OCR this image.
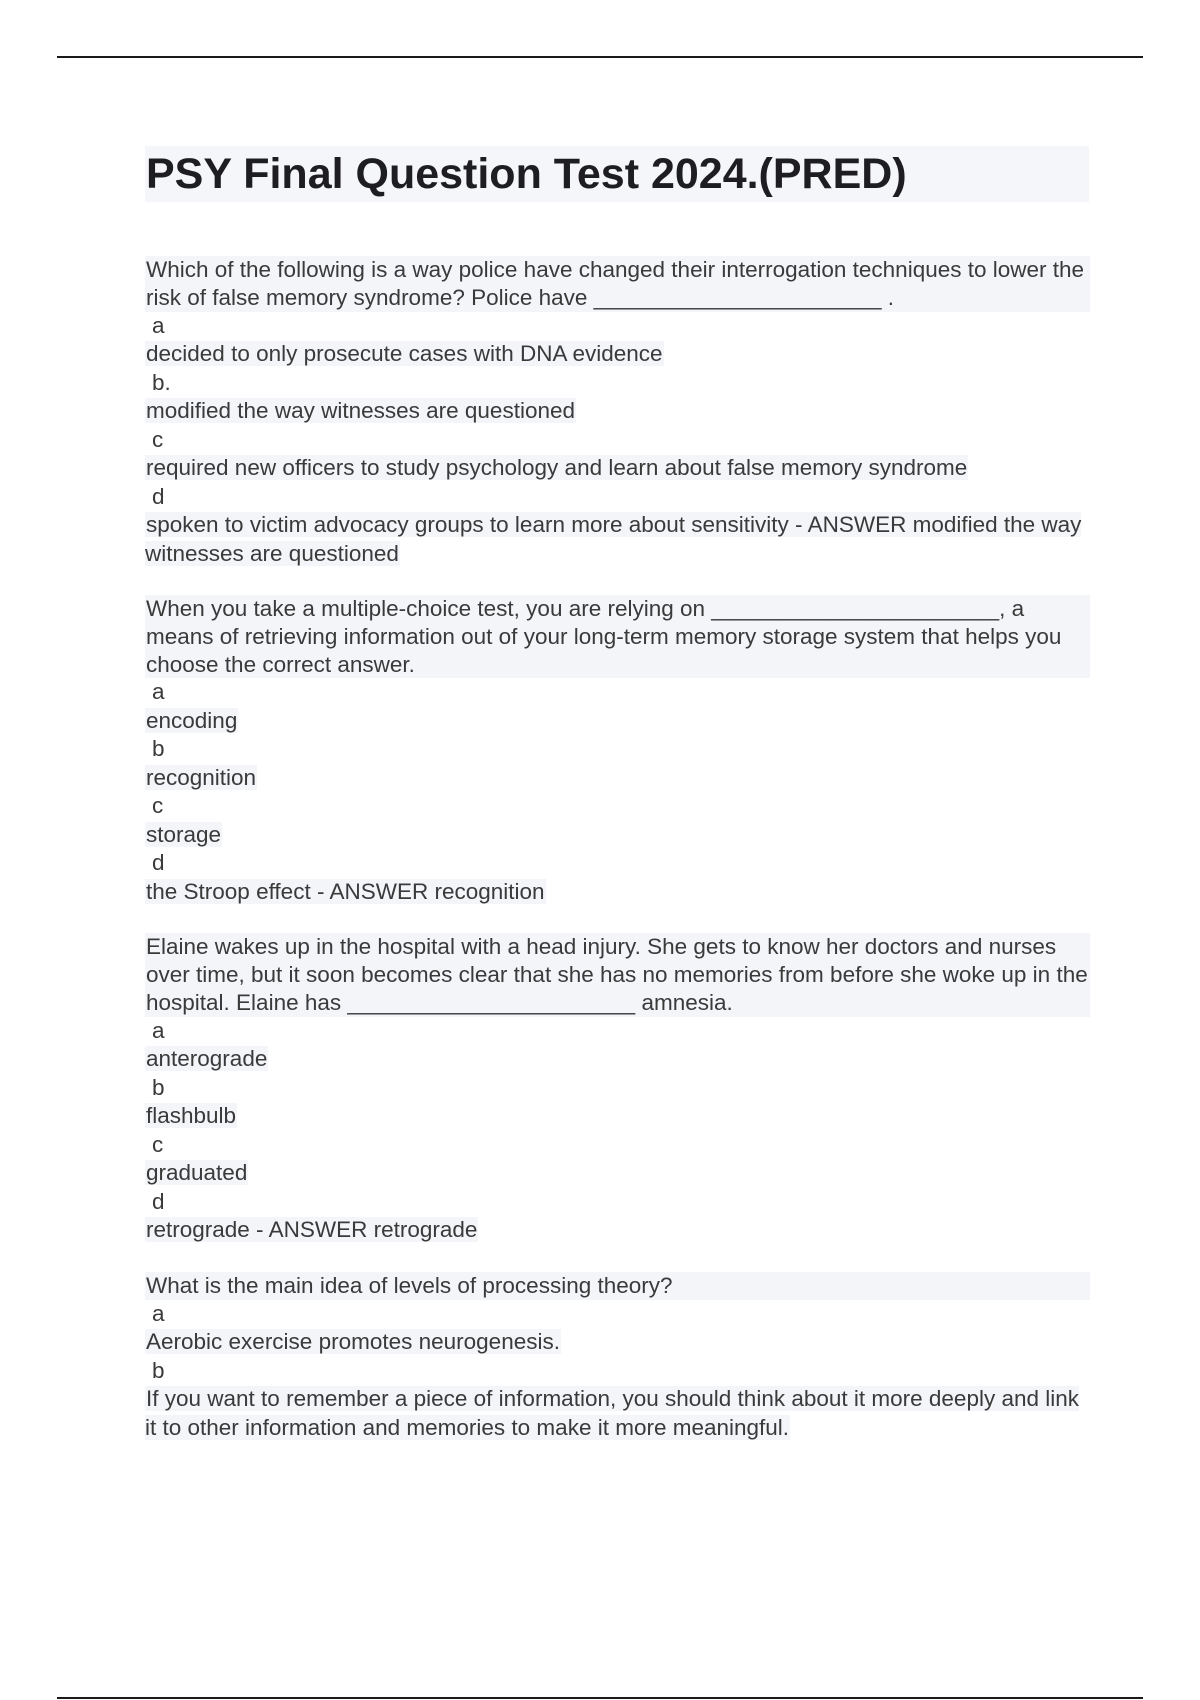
PSY Final Question Test 2024.(PRED)
Which of the following is a way police have changed their interrogation techniques to lower the risk of false memory syndrome? Police have _______________________ .
a
decided to only prosecute cases with DNA evidence
b.
modified the way witnesses are questioned
c
required new officers to study psychology and learn about false memory syndrome
d
spoken to victim advocacy groups to learn more about sensitivity - ANSWER modified the way witnesses are questioned
When you take a multiple-choice test, you are relying on _______________________, a means of retrieving information out of your long-term memory storage system that helps you choose the correct answer.
a
encoding
b
recognition
c
storage
d
the Stroop effect - ANSWER recognition
Elaine wakes up in the hospital with a head injury. She gets to know her doctors and nurses over time, but it soon becomes clear that she has no memories from before she woke up in the hospital. Elaine has _______________________ amnesia.
a
anterograde
b
flashbulb
c
graduated
d
retrograde - ANSWER retrograde
What is the main idea of levels of processing theory?
a
Aerobic exercise promotes neurogenesis.
b
If you want to remember a piece of information, you should think about it more deeply and link it to other information and memories to make it more meaningful.
